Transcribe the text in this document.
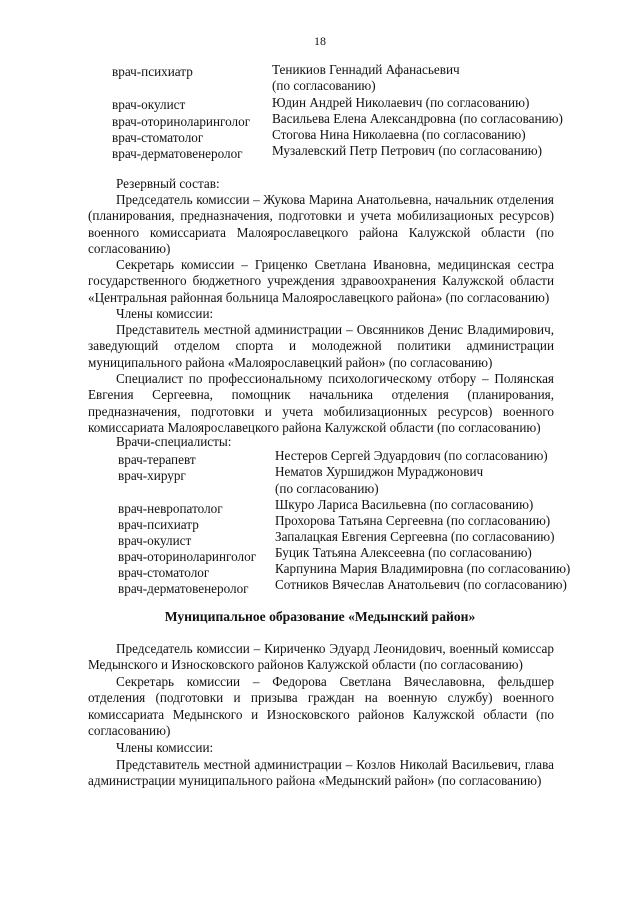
18
врач-психиатр	Теникиов Геннадий Афанасьевич
(по согласованию)
врач-окулист	Юдин Андрей Николаевич (по согласованию)
врач-оториноларинголог Васильева Елена Александровна (по согласованию)
врач-стоматолог	Стогова Нина Николаевна (по согласованию)
врач-дерматовенеролог Музалевский Петр Петрович (по согласованию)
Резервный состав:
Председатель комиссии – Жукова Марина Анатольевна, начальник отделения (планирования, предназначения, подготовки и учета мобилизационых ресурсов) военного комиссариата Малоярославецкого района Калужской области (по согласованию)
Секретарь комиссии – Гриценко Светлана Ивановна, медицинская сестра государственного бюджетного учреждения здравоохранения Калужской области «Центральная районная больница Малоярославецкого района» (по согласованию)
Члены комиссии:
Представитель местной администрации – Овсянников Денис Владимирович, заведующий отделом спорта и молодежной политики администрации муниципального района «Малоярославецкий район» (по согласованию)
Специалист по профессиональному психологическому отбору – Полянская Евгения Сергеевна, помощник начальника отделения (планирования, предназначения, подготовки и учета мобилизационных ресурсов) военного комиссариата Малоярославецкого района Калужской области (по согласованию)
Врачи-специалисты:
врач-терапевт	Нестеров Сергей Эдуардович (по согласованию)
врач-хирург	Нематов Хуршиджон Мураджонович
(по согласованию)
врач-невропатолог	Шкуро Лариса Васильевна (по согласованию)
врач-психиатр	Прохорова Татьяна Сергеевна (по согласованию)
врач-окулист	Запалацкая Евгения Сергеевна (по согласованию)
врач-оториноларинголог Буцик Татьяна Алексеевна (по согласованию)
врач-стоматолог	Карпунина Мария Владимировна (по согласованию)
врач-дерматовенеролог Сотников Вячеслав Анатольевич (по согласованию)
Муниципальное образование «Медынский район»
Председатель комиссии – Кириченко Эдуард Леонидович, военный комиссар Медынского и Износковского районов Калужской области (по согласованию)
Секретарь комиссии – Федорова Светлана Вячеславовна, фельдшер отделения (подготовки и призыва граждан на военную службу) военного комиссариата Медынского и Износковского районов Калужской области (по согласованию)
Члены комиссии:
Представитель местной администрации – Козлов Николай Васильевич, глава администрации муниципального района «Медынский район» (по согласованию)
